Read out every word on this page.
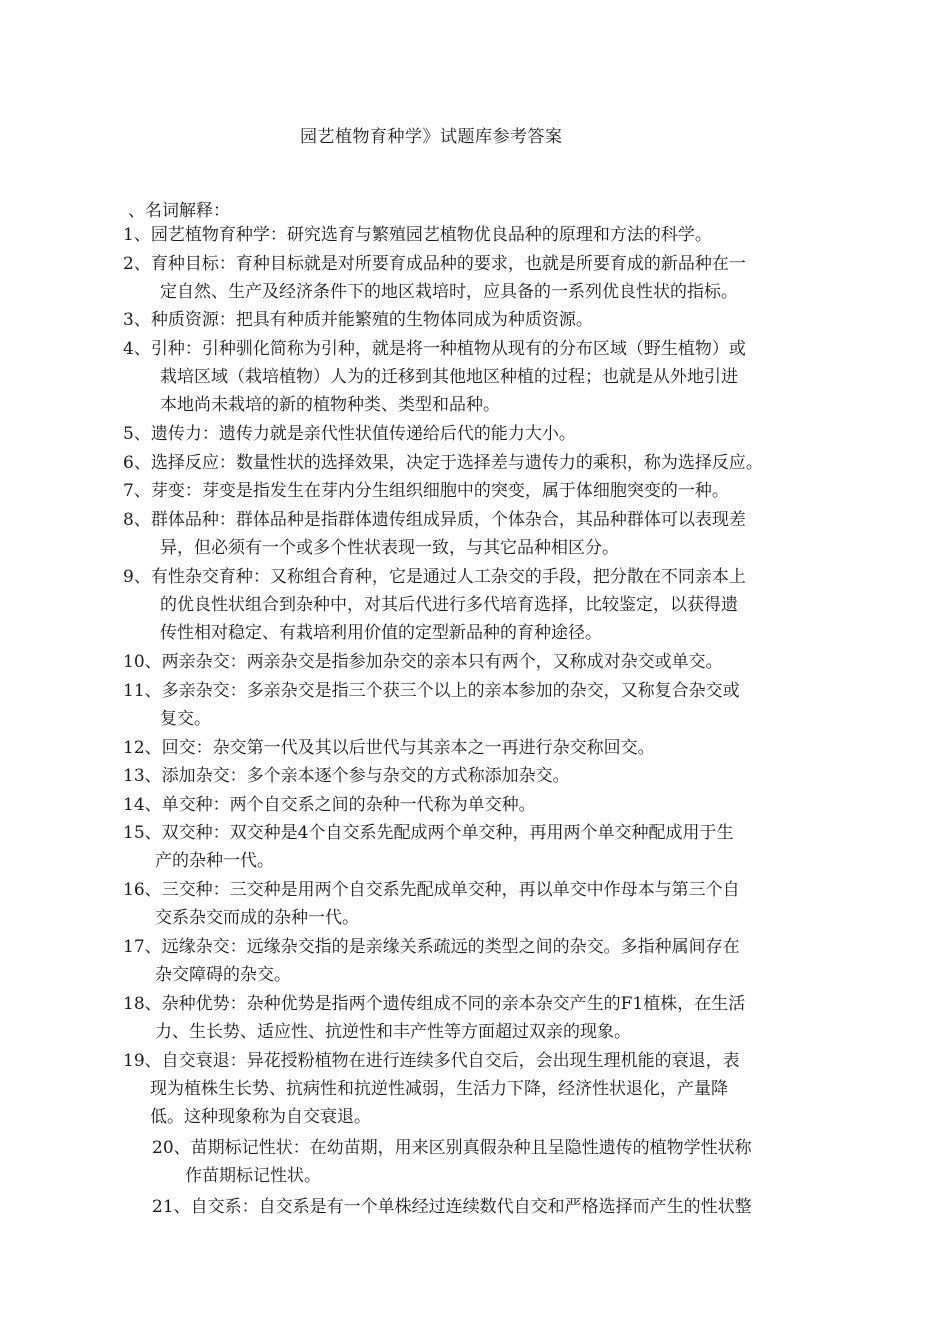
园艺植物育种学》试题库参考答案
、名词解释：
1、园艺植物育种学：研究选育与繁殖园艺植物优良品种的原理和方法的科学。
2、育种目标：育种目标就是对所要育成品种的要求，也就是所要育成的新品种在一
定自然、生产及经济条件下的地区栽培时，应具备的一系列优良性状的指标。
3、种质资源：把具有种质并能繁殖的生物体同成为种质资源。
4、引种：引种驯化简称为引种，就是将一种植物从现有的分布区域（野生植物）或
栽培区域（栽培植物）人为的迁移到其他地区种植的过程；也就是从外地引进
本地尚未栽培的新的植物种类、类型和品种。
5、遗传力：遗传力就是亲代性状值传递给后代的能力大小。
6、选择反应：数量性状的选择效果，决定于选择差与遗传力的乘积，称为选择反应。
7、芽变：芽变是指发生在芽内分生组织细胞中的突变，属于体细胞突变的一种。
8、群体品种：群体品种是指群体遗传组成异质，个体杂合，其品种群体可以表现差
异，但必须有一个或多个性状表现一致，与其它品种相区分。
9、有性杂交育种：又称组合育种，它是通过人工杂交的手段，把分散在不同亲本上
的优良性状组合到杂种中，对其后代进行多代培育选择，比较鉴定，以获得遗
传性相对稳定、有栽培利用价值的定型新品种的育种途径。
10、两亲杂交：两亲杂交是指参加杂交的亲本只有两个，又称成对杂交或单交。
11、多亲杂交：多亲杂交是指三个获三个以上的亲本参加的杂交，又称复合杂交或
复交。
12、回交：杂交第一代及其以后世代与其亲本之一再进行杂交称回交。
13、添加杂交：多个亲本逐个参与杂交的方式称添加杂交。
14、单交种：两个自交系之间的杂种一代称为单交种。
15、双交种：双交种是4个自交系先配成两个单交种，再用两个单交种配成用于生
产的杂种一代。
16、三交种：三交种是用两个自交系先配成单交种，再以单交中作母本与第三个自
交系杂交而成的杂种一代。
17、远缘杂交：远缘杂交指的是亲缘关系疏远的类型之间的杂交。多指种属间存在
杂交障碍的杂交。
18、杂种优势：杂种优势是指两个遗传组成不同的亲本杂交产生的F1植株，在生活
力、生长势、适应性、抗逆性和丰产性等方面超过双亲的现象。
19、自交衰退：异花授粉植物在进行连续多代自交后，会出现生理机能的衰退，表
现为植株生长势、抗病性和抗逆性减弱，生活力下降，经济性状退化，产量降
低。这种现象称为自交衰退。
20、苗期标记性状：在幼苗期，用来区别真假杂种且呈隐性遗传的植物学性状称
作苗期标记性状。
21、自交系：自交系是有一个单株经过连续数代自交和严格选择而产生的性状整
